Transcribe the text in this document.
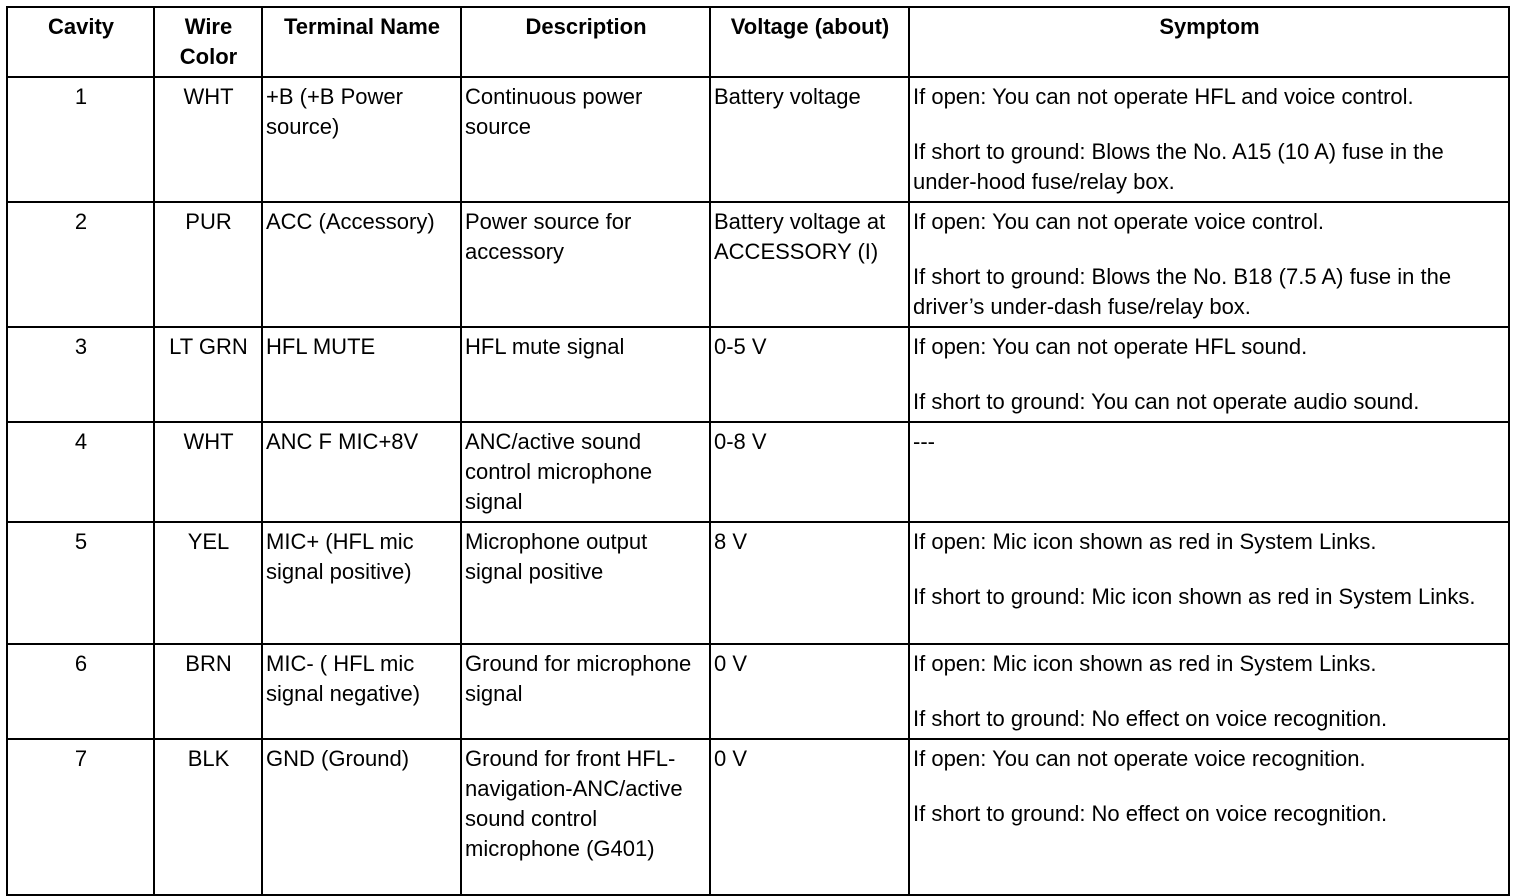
Cavity	Wire Color	Terminal Name	Description	Voltage (about)	Symptom
1	WHT	+B (+B Power source)	Continuous power source	Battery voltage	If open: You can not operate HFL and voice control.
If short to ground: Blows the No. A15 (10 A) fuse in the under-hood fuse/relay box.

2	PUR	ACC (Accessory)	Power source for accessory	Battery voltage at ACCESSORY (I)	If open: You can not operate voice control.
If short to ground: Blows the No. B18 (7.5 A) fuse in the driver’s under-dash fuse/relay box.

3	LT GRN	HFL MUTE	HFL mute signal	0-5 V	If open: You can not operate HFL sound.
If short to ground: You can not operate audio sound.

4	WHT	ANC F MIC+8V	ANC/active sound control microphone signal	0-8 V	---

5	YEL	MIC+ (HFL mic signal positive)	Microphone output signal positive	8 V	If open: Mic icon shown as red in System Links.
If short to ground: Mic icon shown as red in System Links.

6	BRN	MIC- ( HFL mic signal negative)	Ground for microphone signal	0 V	If open: Mic icon shown as red in System Links.
If short to ground: No effect on voice recognition.

7	BLK	GND (Ground)	Ground for front HFL-navigation-ANC/active sound control microphone (G401)	0 V	If open: You can not operate voice recognition.
If short to ground: No effect on voice recognition.
